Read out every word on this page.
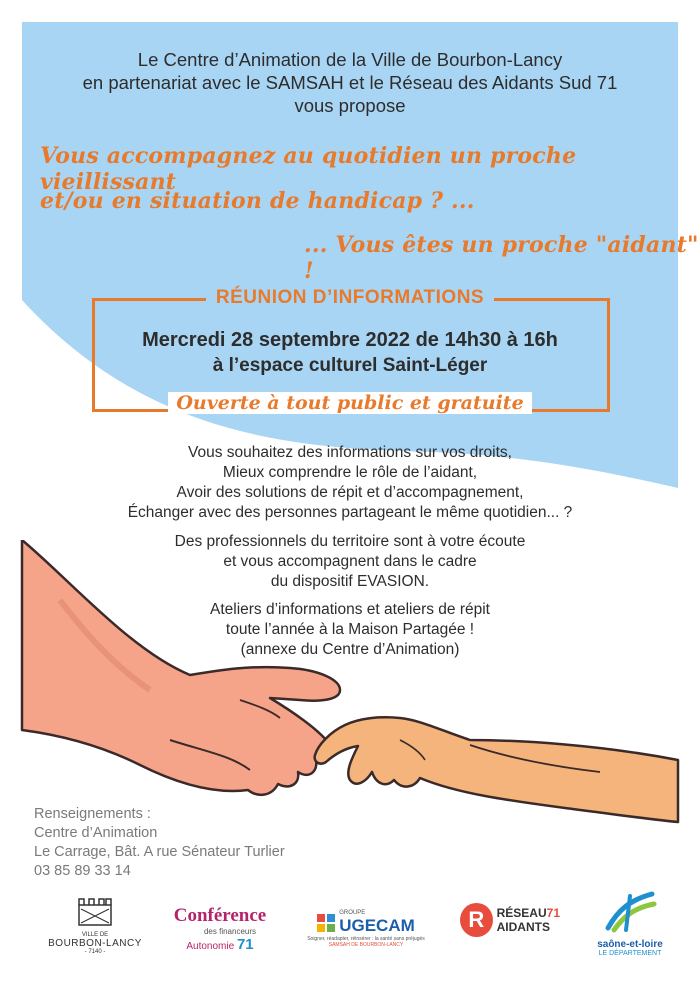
Le Centre d’Animation de la Ville de Bourbon-Lancy
en partenariat avec le SAMSAH et le Réseau des Aidants Sud 71
vous propose
Vous accompagnez au quotidien un proche vieillissant
et/ou en situation de handicap ? ...
... Vous êtes un proche "aidant" !
RÉUNION D’INFORMATIONS
Mercredi 28 septembre 2022 de 14h30 à 16h
à l’espace culturel Saint-Léger
Ouverte à tout public et gratuite
Vous souhaitez des informations sur vos droits,
Mieux comprendre le rôle de l’aidant,
Avoir des solutions de répit et d’accompagnement,
Échanger avec des personnes partageant le même quotidien... ?
Des professionnels du territoire sont à votre écoute
et vous accompagnent dans le cadre
du dispositif EVASION.
Ateliers d’informations et ateliers de répit
toute l’année à la Maison Partagée !
(annexe du Centre d’Animation)
Renseignements :
Centre d’Animation
Le Carrage, Bât. A rue Sénateur Turlier
03 85 89 33 14
VILLE DE
BOURBON-LANCY
- 7140 -
Conférence
des financeurs
Autonomie 71
GROUPE
UGECAM
Soigner, réadapter, réinsérer : la santé sans préjugés
SAMSAH DE BOURBON-LANCY
R	RÉSEAU71
AIDANTS
saône-et-loire
LE DÉPARTEMENT
